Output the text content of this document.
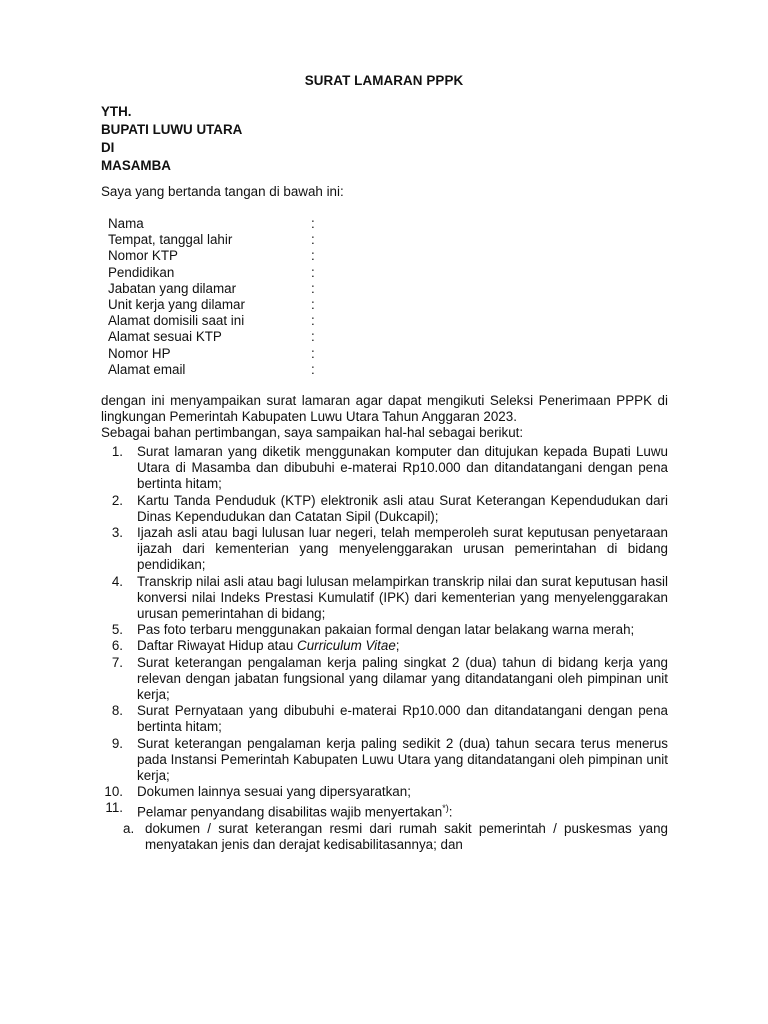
SURAT LAMARAN PPPK
YTH.
BUPATI LUWU UTARA
DI
MASAMBA
Saya yang bertanda tangan di bawah ini:
Nama	:
Tempat, tanggal lahir	:
Nomor KTP	:
Pendidikan	:
Jabatan yang dilamar	:
Unit kerja yang dilamar	:
Alamat domisili saat ini	:
Alamat sesuai KTP	:
Nomor HP	:
Alamat email	:
dengan ini menyampaikan surat lamaran agar dapat mengikuti Seleksi Penerimaan PPPK di lingkungan Pemerintah Kabupaten Luwu Utara Tahun Anggaran 2023.
Sebagai bahan pertimbangan, saya sampaikan hal-hal sebagai berikut:
1. Surat lamaran yang diketik menggunakan komputer dan ditujukan kepada Bupati Luwu Utara di Masamba dan dibubuhi e-materai Rp10.000 dan ditandatangani dengan pena bertinta hitam;
2. Kartu Tanda Penduduk (KTP) elektronik asli atau Surat Keterangan Kependudukan dari Dinas Kependudukan dan Catatan Sipil (Dukcapil);
3. Ijazah asli atau bagi lulusan luar negeri, telah memperoleh surat keputusan penyetaraan ijazah dari kementerian yang menyelenggarakan urusan pemerintahan di bidang pendidikan;
4. Transkrip nilai asli atau bagi lulusan melampirkan transkrip nilai dan surat keputusan hasil konversi nilai Indeks Prestasi Kumulatif (IPK) dari kementerian yang menyelenggarakan urusan pemerintahan di bidang;
5. Pas foto terbaru menggunakan pakaian formal dengan latar belakang warna merah;
6. Daftar Riwayat Hidup atau Curriculum Vitae;
7. Surat keterangan pengalaman kerja paling singkat 2 (dua) tahun di bidang kerja yang relevan dengan jabatan fungsional yang dilamar yang ditandatangani oleh pimpinan unit kerja;
8. Surat Pernyataan yang dibubuhi e-materai Rp10.000 dan ditandatangani dengan pena bertinta hitam;
9. Surat keterangan pengalaman kerja paling sedikit 2 (dua) tahun secara terus menerus pada Instansi Pemerintah Kabupaten Luwu Utara yang ditandatangani oleh pimpinan unit kerja;
10. Dokumen lainnya sesuai yang dipersyaratkan;
11. Pelamar penyandang disabilitas wajib menyertakan*):
a. dokumen / surat keterangan resmi dari rumah sakit pemerintah / puskesmas yang menyatakan jenis dan derajat kedisabilitasannya; dan
